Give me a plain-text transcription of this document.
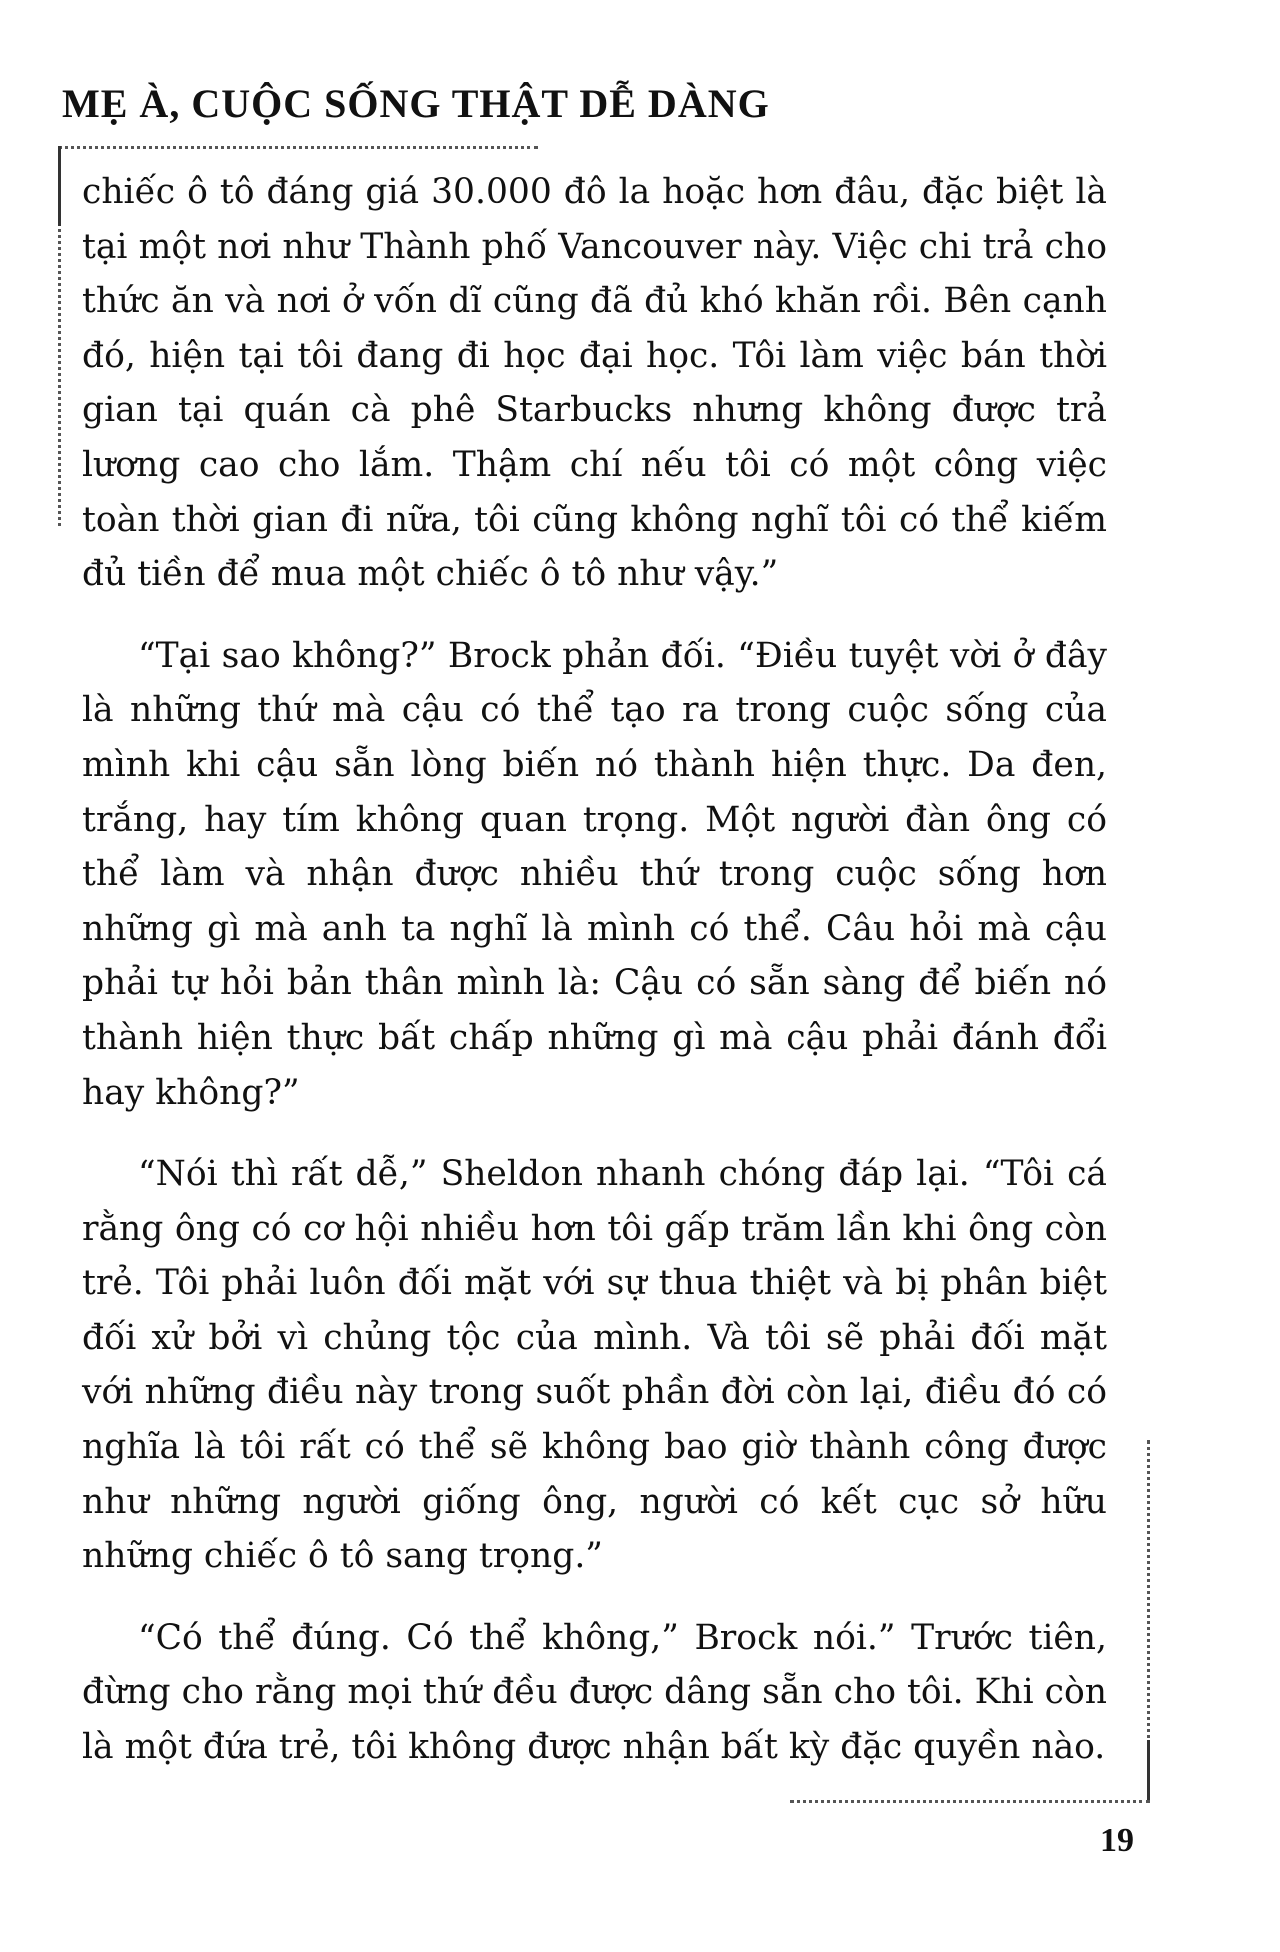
MẸ À, CUỘC SỐNG THẬT DỄ DÀNG

chiếc ô tô đáng giá 30.000 đô la hoặc hơn đâu, đặc biệt là tại một nơi như Thành phố Vancouver này. Việc chi trả cho thức ăn và nơi ở vốn dĩ cũng đã đủ khó khăn rồi. Bên cạnh đó, hiện tại tôi đang đi học đại học. Tôi làm việc bán thời gian tại quán cà phê Starbucks nhưng không được trả lương cao cho lắm. Thậm chí nếu tôi có một công việc toàn thời gian đi nữa, tôi cũng không nghĩ tôi có thể kiếm đủ tiền để mua một chiếc ô tô như vậy.”

“Tại sao không?” Brock phản đối. “Điều tuyệt vời ở đây là những thứ mà cậu có thể tạo ra trong cuộc sống của mình khi cậu sẵn lòng biến nó thành hiện thực. Da đen, trắng, hay tím không quan trọng. Một người đàn ông có thể làm và nhận được nhiều thứ trong cuộc sống hơn những gì mà anh ta nghĩ là mình có thể. Câu hỏi mà cậu phải tự hỏi bản thân mình là: Cậu có sẵn sàng để biến nó thành hiện thực bất chấp những gì mà cậu phải đánh đổi hay không?”

“Nói thì rất dễ,” Sheldon nhanh chóng đáp lại. “Tôi cá rằng ông có cơ hội nhiều hơn tôi gấp trăm lần khi ông còn trẻ. Tôi phải luôn đối mặt với sự thua thiệt và bị phân biệt đối xử bởi vì chủng tộc của mình. Và tôi sẽ phải đối mặt với những điều này trong suốt phần đời còn lại, điều đó có nghĩa là tôi rất có thể sẽ không bao giờ thành công được như những người giống ông, người có kết cục sở hữu những chiếc ô tô sang trọng.”

“Có thể đúng. Có thể không,” Brock nói.” Trước tiên, đừng cho rằng mọi thứ đều được dâng sẵn cho tôi. Khi còn là một đứa trẻ, tôi không được nhận bất kỳ đặc quyền nào.

19
